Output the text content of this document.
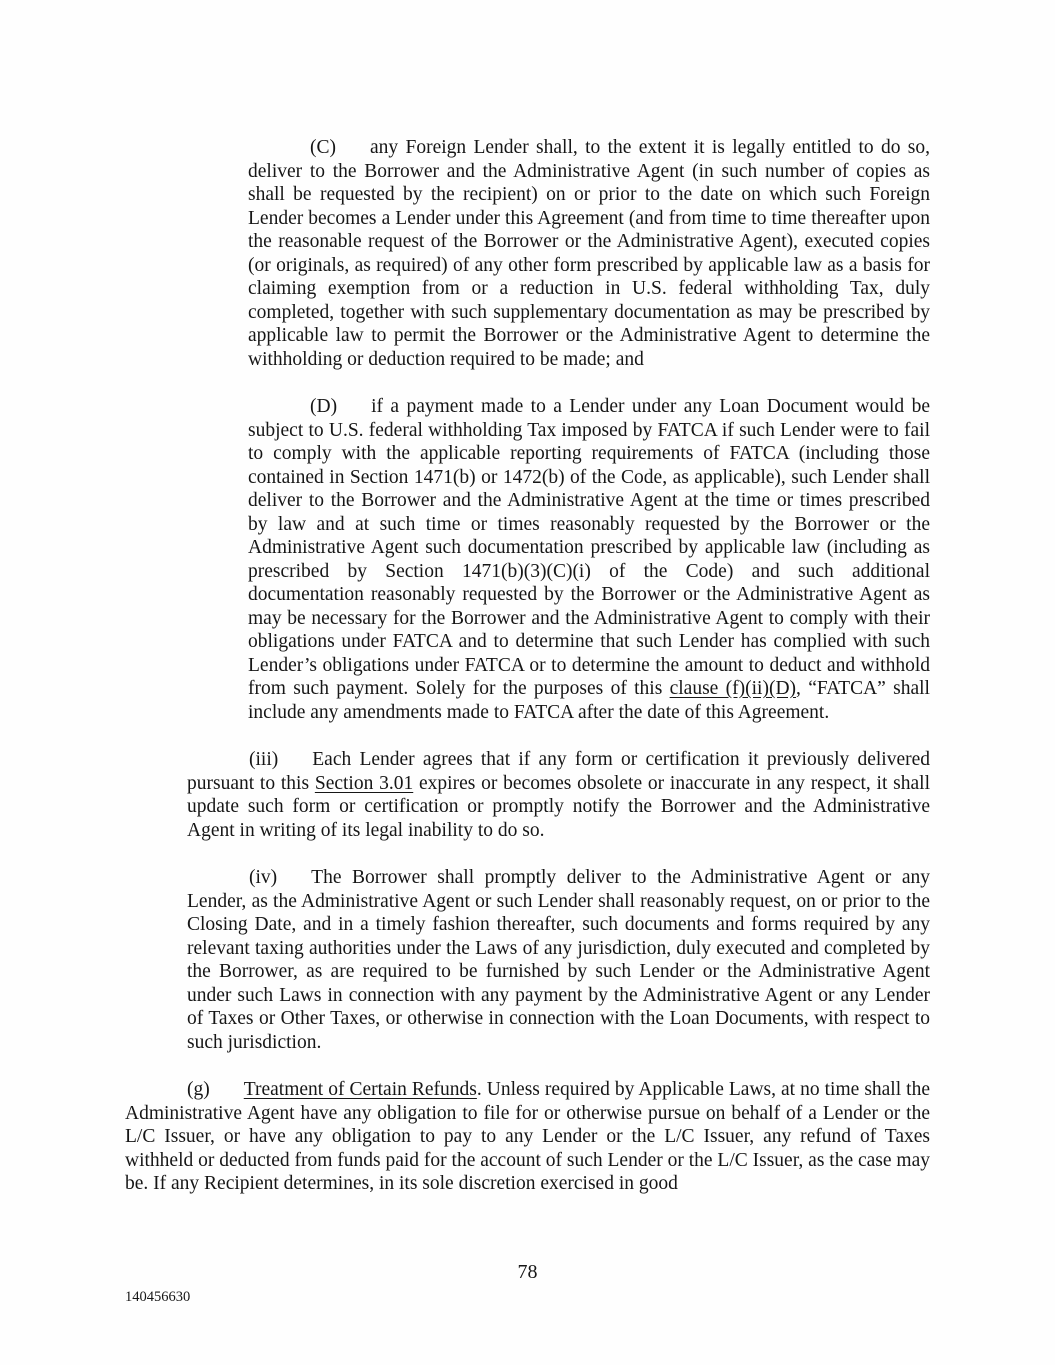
(C) any Foreign Lender shall, to the extent it is legally entitled to do so, deliver to the Borrower and the Administrative Agent (in such number of copies as shall be requested by the recipient) on or prior to the date on which such Foreign Lender becomes a Lender under this Agreement (and from time to time thereafter upon the reasonable request of the Borrower or the Administrative Agent), executed copies (or originals, as required) of any other form prescribed by applicable law as a basis for claiming exemption from or a reduction in U.S. federal withholding Tax, duly completed, together with such supplementary documentation as may be prescribed by applicable law to permit the Borrower or the Administrative Agent to determine the withholding or deduction required to be made; and

(D) if a payment made to a Lender under any Loan Document would be subject to U.S. federal withholding Tax imposed by FATCA if such Lender were to fail to comply with the applicable reporting requirements of FATCA (including those contained in Section 1471(b) or 1472(b) of the Code, as applicable), such Lender shall deliver to the Borrower and the Administrative Agent at the time or times prescribed by law and at such time or times reasonably requested by the Borrower or the Administrative Agent such documentation prescribed by applicable law (including as prescribed by Section 1471(b)(3)(C)(i) of the Code) and such additional documentation reasonably requested by the Borrower or the Administrative Agent as may be necessary for the Borrower and the Administrative Agent to comply with their obligations under FATCA and to determine that such Lender has complied with such Lender’s obligations under FATCA or to determine the amount to deduct and withhold from such payment. Solely for the purposes of this clause (f)(ii)(D), “FATCA” shall include any amendments made to FATCA after the date of this Agreement.

(iii) Each Lender agrees that if any form or certification it previously delivered pursuant to this Section 3.01 expires or becomes obsolete or inaccurate in any respect, it shall update such form or certification or promptly notify the Borrower and the Administrative Agent in writing of its legal inability to do so.

(iv) The Borrower shall promptly deliver to the Administrative Agent or any Lender, as the Administrative Agent or such Lender shall reasonably request, on or prior to the Closing Date, and in a timely fashion thereafter, such documents and forms required by any relevant taxing authorities under the Laws of any jurisdiction, duly executed and completed by the Borrower, as are required to be furnished by such Lender or the Administrative Agent under such Laws in connection with any payment by the Administrative Agent or any Lender of Taxes or Other Taxes, or otherwise in connection with the Loan Documents, with respect to such jurisdiction.

(g) Treatment of Certain Refunds. Unless required by Applicable Laws, at no time shall the Administrative Agent have any obligation to file for or otherwise pursue on behalf of a Lender or the L/C Issuer, or have any obligation to pay to any Lender or the L/C Issuer, any refund of Taxes withheld or deducted from funds paid for the account of such Lender or the L/C Issuer, as the case may be. If any Recipient determines, in its sole discretion exercised in good

78
140456630
